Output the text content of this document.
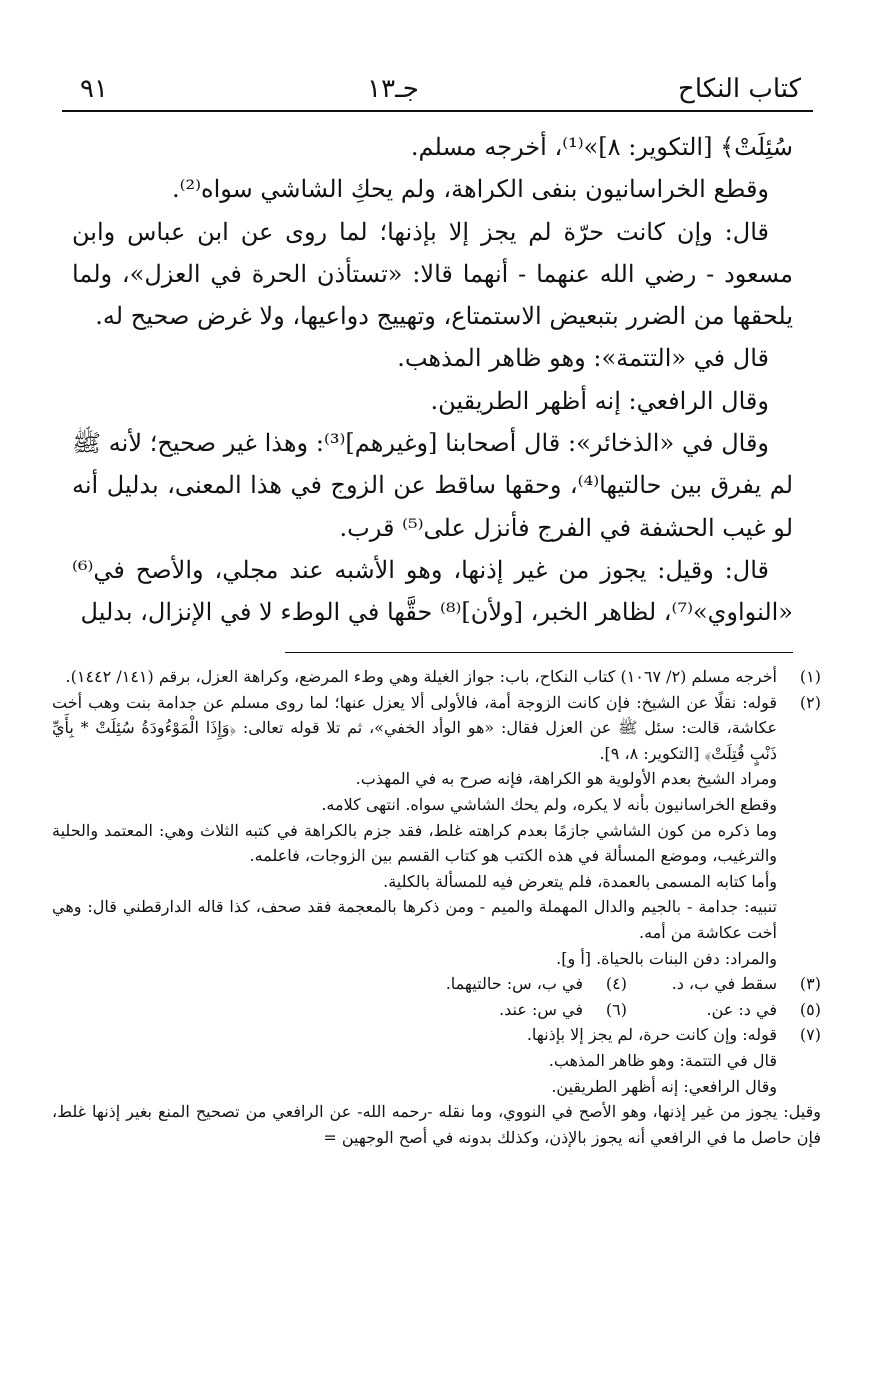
كتاب النكاح
جـ١٣
٩١

سُئِلَتْ﴾ [التكوير: ٨]»⁽¹⁾، أخرجه مسلم.

وقطع الخراسانيون بنفى الكراهة، ولم يحكِ الشاشي سواه⁽²⁾.

قال: وإن كانت حرّة لم يجز إلا بإذنها؛ لما روى عن ابن عباس وابن مسعود - رضي الله عنهما - أنهما قالا: «تستأذن الحرة في العزل»، ولما يلحقها من الضرر بتبعيض الاستمتاع، وتهييج دواعيها، ولا غرض صحيح له.

قال في «التتمة»: وهو ظاهر المذهب.

وقال الرافعي: إنه أظهر الطريقين.

وقال في «الذخائر»: قال أصحابنا [وغيرهم]⁽³⁾: وهذا غير صحيح؛ لأنه ﷺ لم يفرق بين حالتيها⁽⁴⁾، وحقها ساقط عن الزوج في هذا المعنى، بدليل أنه لو غيب الحشفة في الفرج فأنزل على⁽⁵⁾ قرب.

قال: وقيل: يجوز من غير إذنها، وهو الأشبه عند مجلي، والأصح في⁽⁶⁾ «النواوي»⁽⁷⁾، لظاهر الخبر، [ولأن]⁽⁸⁾ حقَّها في الوطء لا في الإنزال، بدليل

(١)

أخرجه مسلم (٢/ ١٠٦٧) كتاب النكاح، باب: جواز الغيلة وهي وطء المرضع، وكراهة العزل، برقم (١٤١/ ١٤٤٢).

(٢)

قوله: نقلًا عن الشيخ: فإن كانت الزوجة أمة، فالأولى ألا يعزل عنها؛ لما روى مسلم عن جدامة بنت وهب أخت عكاشة، قالت: سئل ﷺ عن العزل فقال: «هو الوأد الخفي»، ثم تلا قوله تعالى: ﴿وَإِذَا الْمَوْءُودَةُ سُئِلَتْ * بِأَيِّ ذَنْبٍ قُتِلَتْ﴾ [التكوير: ٨، ٩].

ومراد الشيخ بعدم الأولوية هو الكراهة، فإنه صرح به في المهذب.

وقطع الخراسانيون بأنه لا يكره، ولم يحك الشاشي سواه. انتهى كلامه.

وما ذكره من كون الشاشي جازمًا بعدم كراهته غلط، فقد جزم بالكراهة في كتبه الثلاث وهي: المعتمد والحلية والترغيب، وموضع المسألة في هذه الكتب هو كتاب القسم بين الزوجات، فاعلمه.

وأما كتابه المسمى بالعمدة، فلم يتعرض فيه للمسألة بالكلية.

تنبيه: جدامة - بالجيم والدال المهملة والميم - ومن ذكرها بالمعجمة فقد صحف، كذا قاله الدارقطني قال: وهي أخت عكاشة من أمه.

والمراد: دفن البنات بالحياة. [أ و].

(٣)
سقط في ب، د.
(٤)
في ب، س: حالتيهما.
(٥)
في د: عن.
(٦)
في س: عند.
(٧)

قوله: وإن كانت حرة، لم يجز إلا بإذنها.

قال في التتمة: وهو ظاهر المذهب.

وقال الرافعي: إنه أظهر الطريقين.

وقيل: يجوز من غير إذنها، وهو الأصح في النووي، وما نقله -رحمه الله- عن الرافعي من تصحيح المنع بغير إذنها غلط، فإن حاصل ما في الرافعي أنه يجوز بالإذن، وكذلك بدونه في أصح الوجهين =
